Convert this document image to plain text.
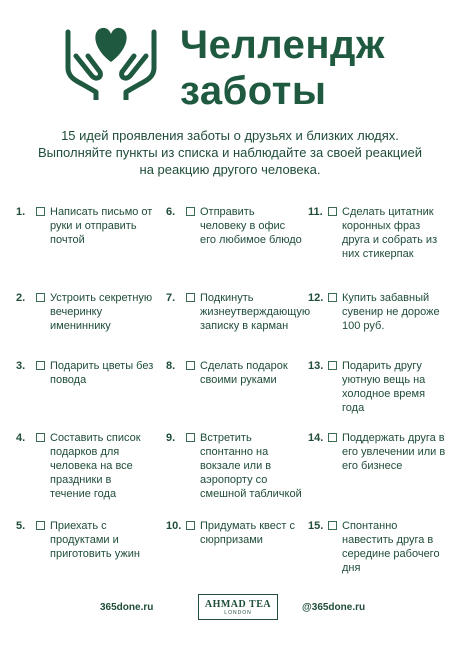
Челлендж
заботы
15 идей проявления заботы о друзьях и близких людях.
Выполняйте пункты из списка и наблюдайте за своей реакцией
на реакцию другого человека.
1.	Написать письмо от руки и отправить почтой
2.	Устроить секретную вечеринку имениннику
3.	Подарить цветы без повода
4.	Составить список подарков для человека на все праздники в течение года
5.	Приехать с продуктами и приготовить ужин
6.	Отправить человеку в офис его любимое блюдо
7.	Подкинуть жизнеутверждающую записку в карман
8.	Сделать подарок своими руками
9.	Встретить спонтанно на вокзале или в аэропорту со смешной табличкой
10.	Придумать квест с сюрпризами
11.	Сделать цитатник коронных фраз друга и собрать из них стикерпак
12.	Купить забавный сувенир не дороже 100 руб.
13.	Подарить другу уютную вещь на холодное время года
14.	Поддержать друга в его увлечении или в его бизнесе
15.	Спонтанно навестить друга в середине рабочего дня
365done.ru	AHMAD TEA
LONDON	@365done.ru
